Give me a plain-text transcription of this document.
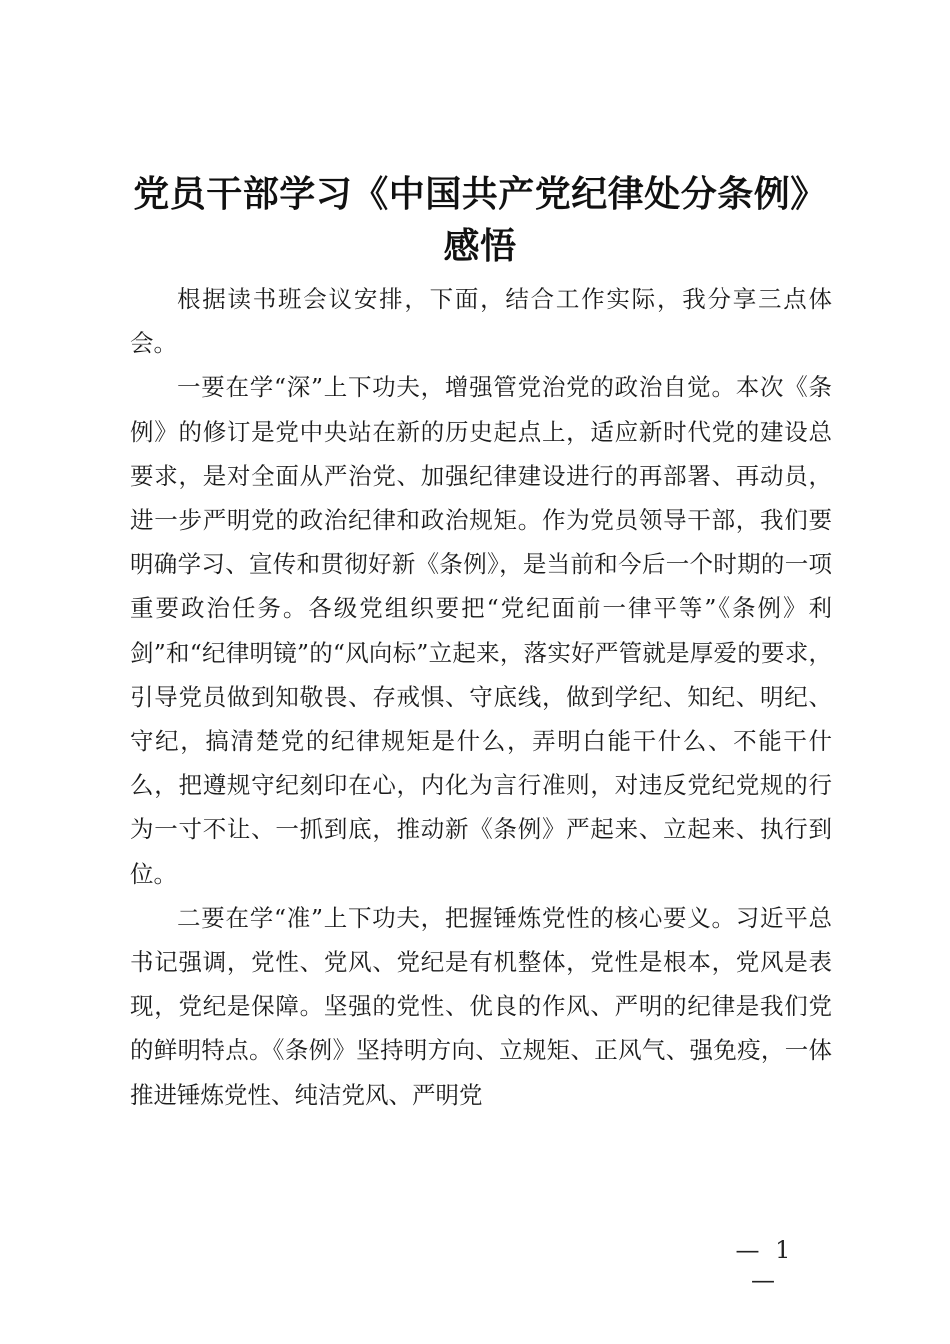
党员干部学习《中国共产党纪律处分条例》感悟

根据读书班会议安排，下面，结合工作实际，我分享三点体会。

一要在学“深”上下功夫，增强管党治党的政治自觉。本次《条例》的修订是党中央站在新的历史起点上，适应新时代党的建设总要求，是对全面从严治党、加强纪律建设进行的再部署、再动员，进一步严明党的政治纪律和政治规矩。作为党员领导干部，我们要明确学习、宣传和贯彻好新《条例》，是当前和今后一个时期的一项重要政治任务。各级党组织要把“党纪面前一律平等”《条例》利剑”和“纪律明镜”的“风向标”立起来，落实好严管就是厚爱的要求，引导党员做到知敬畏、存戒惧、守底线，做到学纪、知纪、明纪、守纪，搞清楚党的纪律规矩是什么，弄明白能干什么、不能干什么，把遵规守纪刻印在心，内化为言行准则，对违反党纪党规的行为一寸不让、一抓到底，推动新《条例》严起来、立起来、执行到位。

二要在学“准”上下功夫，把握锤炼党性的核心要义。习近平总书记强调，党性、党风、党纪是有机整体，党性是根本，党风是表现，党纪是保障。坚强的党性、优良的作风、严明的纪律是我们党的鲜明特点。《条例》坚持明方向、立规矩、正风气、强免疫，一体推进锤炼党性、纯洁党风、严明党

— 1 —
